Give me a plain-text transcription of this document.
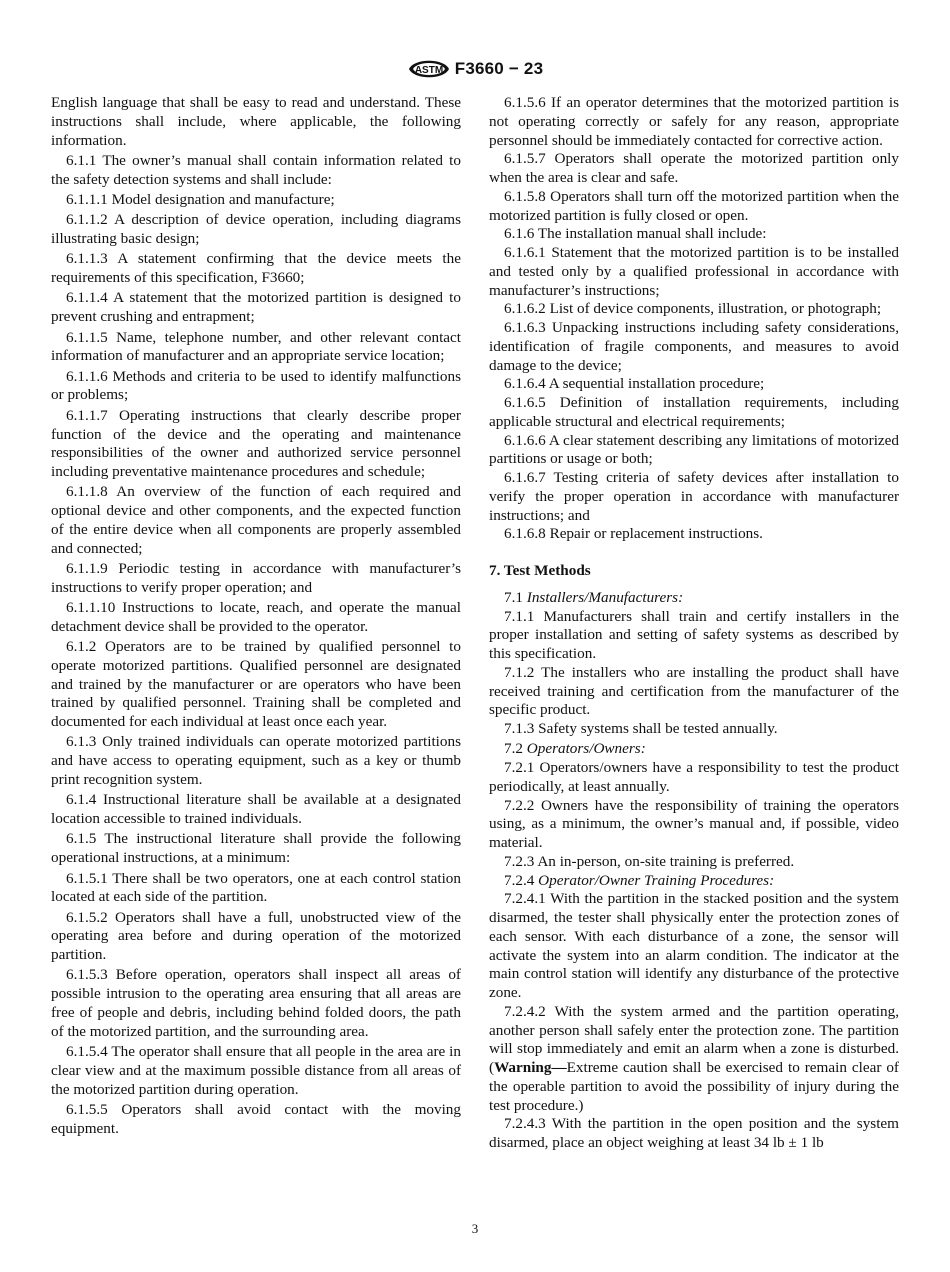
ASTM F3660 − 23

English language that shall be easy to read and understand. These instructions shall include, where applicable, the following information.

6.1.1 The owner’s manual shall contain information related to the safety detection systems and shall include:

6.1.1.1 Model designation and manufacture;

6.1.1.2 A description of device operation, including diagrams illustrating basic design;

6.1.1.3 A statement confirming that the device meets the requirements of this specification, F3660;

6.1.1.4 A statement that the motorized partition is designed to prevent crushing and entrapment;

6.1.1.5 Name, telephone number, and other relevant contact information of manufacturer and an appropriate service location;

6.1.1.6 Methods and criteria to be used to identify malfunctions or problems;

6.1.1.7 Operating instructions that clearly describe proper function of the device and the operating and maintenance responsibilities of the owner and authorized service personnel including preventative maintenance procedures and schedule;

6.1.1.8 An overview of the function of each required and optional device and other components, and the expected function of the entire device when all components are properly assembled and connected;

6.1.1.9 Periodic testing in accordance with manufacturer’s instructions to verify proper operation; and

6.1.1.10 Instructions to locate, reach, and operate the manual detachment device shall be provided to the operator.

6.1.2 Operators are to be trained by qualified personnel to operate motorized partitions. Qualified personnel are designated and trained by the manufacturer or are operators who have been trained by qualified personnel. Training shall be completed and documented for each individual at least once each year.

6.1.3 Only trained individuals can operate motorized partitions and have access to operating equipment, such as a key or thumb print recognition system.

6.1.4 Instructional literature shall be available at a designated location accessible to trained individuals.

6.1.5 The instructional literature shall provide the following operational instructions, at a minimum:

6.1.5.1 There shall be two operators, one at each control station located at each side of the partition.

6.1.5.2 Operators shall have a full, unobstructed view of the operating area before and during operation of the motorized partition.

6.1.5.3 Before operation, operators shall inspect all areas of possible intrusion to the operating area ensuring that all areas are free of people and debris, including behind folded doors, the path of the motorized partition, and the surrounding area.

6.1.5.4 The operator shall ensure that all people in the area are in clear view and at the maximum possible distance from all areas of the motorized partition during operation.

6.1.5.5 Operators shall avoid contact with the moving equipment.

6.1.5.6 If an operator determines that the motorized partition is not operating correctly or safely for any reason, appropriate personnel should be immediately contacted for corrective action.

6.1.5.7 Operators shall operate the motorized partition only when the area is clear and safe.

6.1.5.8 Operators shall turn off the motorized partition when the motorized partition is fully closed or open.

6.1.6 The installation manual shall include:

6.1.6.1 Statement that the motorized partition is to be installed and tested only by a qualified professional in accordance with manufacturer’s instructions;

6.1.6.2 List of device components, illustration, or photograph;

6.1.6.3 Unpacking instructions including safety considerations, identification of fragile components, and measures to avoid damage to the device;

6.1.6.4 A sequential installation procedure;

6.1.6.5 Definition of installation requirements, including applicable structural and electrical requirements;

6.1.6.6 A clear statement describing any limitations of motorized partitions or usage or both;

6.1.6.7 Testing criteria of safety devices after installation to verify the proper operation in accordance with manufacturer instructions; and

6.1.6.8 Repair or replacement instructions.

7. Test Methods

7.1 Installers/Manufacturers:

7.1.1 Manufacturers shall train and certify installers in the proper installation and setting of safety systems as described by this specification.

7.1.2 The installers who are installing the product shall have received training and certification from the manufacturer of the specific product.

7.1.3 Safety systems shall be tested annually.

7.2 Operators/Owners:

7.2.1 Operators/owners have a responsibility to test the product periodically, at least annually.

7.2.2 Owners have the responsibility of training the operators using, as a minimum, the owner’s manual and, if possible, video material.

7.2.3 An in-person, on-site training is preferred.

7.2.4 Operator/Owner Training Procedures:

7.2.4.1 With the partition in the stacked position and the system disarmed, the tester shall physically enter the protection zones of each sensor. With each disturbance of a zone, the sensor will activate the system into an alarm condition. The indicator at the main control station will identify any disturbance of the protective zone.

7.2.4.2 With the system armed and the partition operating, another person shall safely enter the protection zone. The partition will stop immediately and emit an alarm when a zone is disturbed. (Warning—Extreme caution shall be exercised to remain clear of the operable partition to avoid the possibility of injury during the test procedure.)

7.2.4.3 With the partition in the open position and the system disarmed, place an object weighing at least 34 lb ± 1 lb

3
